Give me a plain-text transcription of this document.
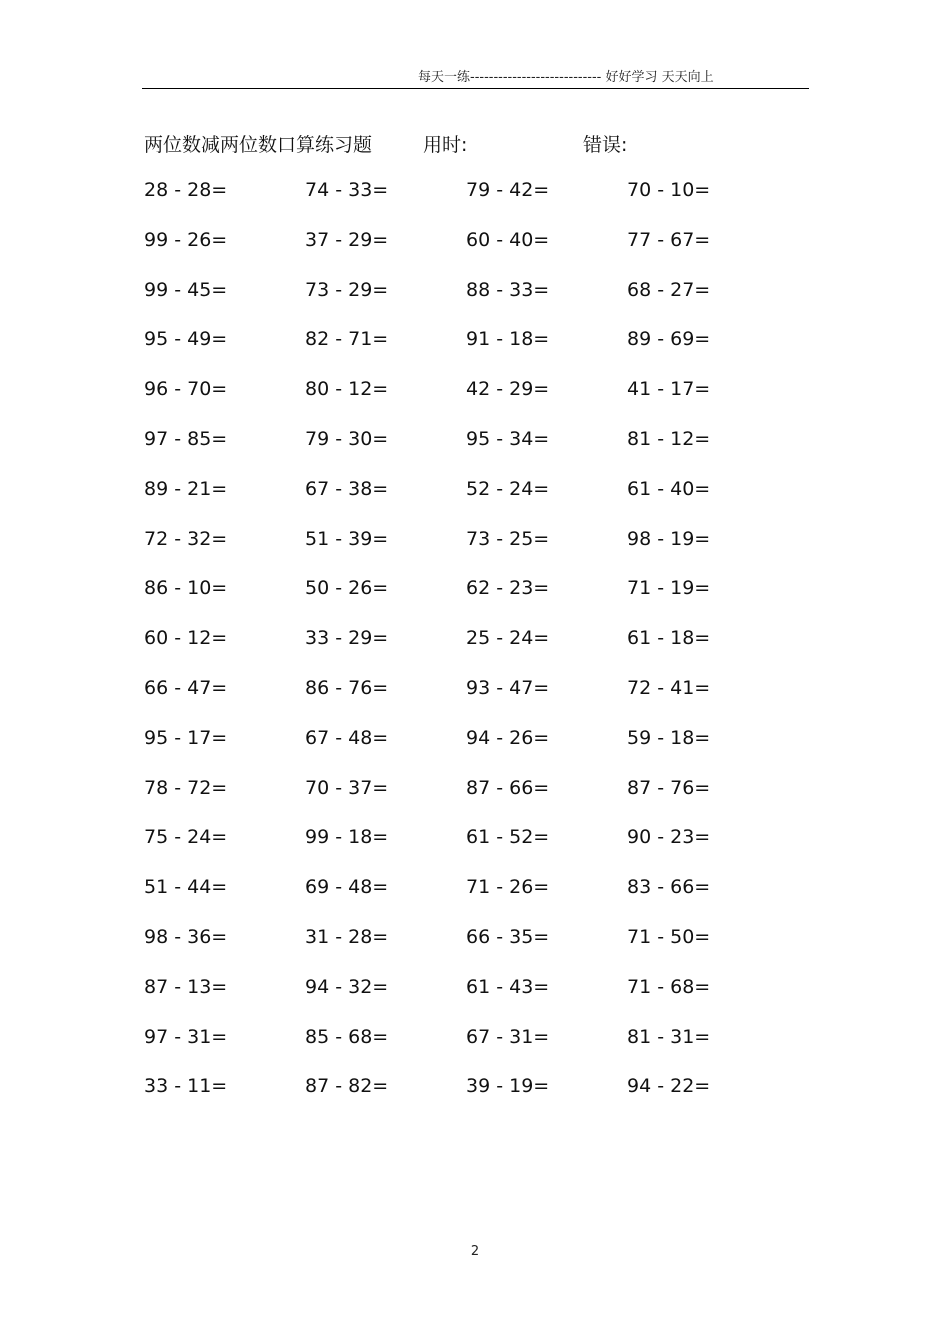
每天一练---------------------------- 好好学习 天天向上
两位数减两位数口算练习题	用时:	错误:
28 - 28=	74 - 33=	79 - 42=	70 - 10=
99 - 26=	37 - 29=	60 - 40=	77 - 67=
99 - 45=	73 - 29=	88 - 33=	68 - 27=
95 - 49=	82 - 71=	91 - 18=	89 - 69=
96 - 70=	80 - 12=	42 - 29=	41 - 17=
97 - 85=	79 - 30=	95 - 34=	81 - 12=
89 - 21=	67 - 38=	52 - 24=	61 - 40=
72 - 32=	51 - 39=	73 - 25=	98 - 19=
86 - 10=	50 - 26=	62 - 23=	71 - 19=
60 - 12=	33 - 29=	25 - 24=	61 - 18=
66 - 47=	86 - 76=	93 - 47=	72 - 41=
95 - 17=	67 - 48=	94 - 26=	59 - 18=
78 - 72=	70 - 37=	87 - 66=	87 - 76=
75 - 24=	99 - 18=	61 - 52=	90 - 23=
51 - 44=	69 - 48=	71 - 26=	83 - 66=
98 - 36=	31 - 28=	66 - 35=	71 - 50=
87 - 13=	94 - 32=	61 - 43=	71 - 68=
97 - 31=	85 - 68=	67 - 31=	81 - 31=
33 - 11=	87 - 82=	39 - 19=	94 - 22=
2
